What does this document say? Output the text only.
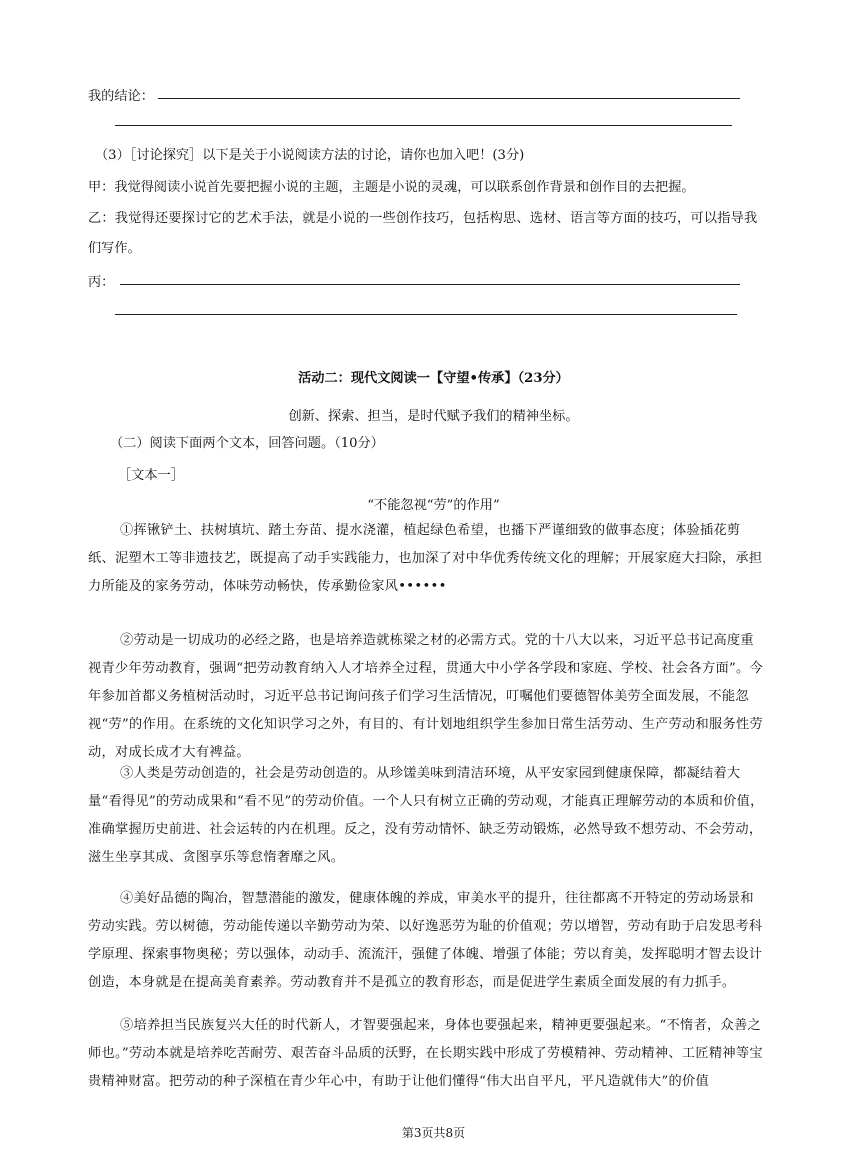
我的结论：
（3）［讨论探究］以下是关于小说阅读方法的讨论，请你也加入吧！(3分)
甲：我觉得阅读小说首先要把握小说的主题，主题是小说的灵魂，可以联系创作背景和创作目的去把握。
乙：我觉得还要探讨它的艺术手法，就是小说的一些创作技巧，包括构思、选材、语言等方面的技巧，可以指导我
们写作。
丙：
活动二：现代文阅读一【守望•传承】（23分）
创新、探索、担当，是时代赋予我们的精神坐标。
（二）阅读下面两个文本，回答问题。（10分）
［文本一］
“不能忽视“劳”的作用”
①挥锹铲土、扶树填坑、踏土夯苗、提水浇灌，植起绿色希望，也播下严谨细致的做事态度；体验插花剪纸、泥塑木工等非遗技艺，既提高了动手实践能力，也加深了对中华优秀传统文化的理解；开展家庭大扫除，承担力所能及的家务劳动，体味劳动畅快，传承勤俭家风••••••
②劳动是一切成功的必经之路，也是培养造就栋梁之材的必需方式。党的十八大以来，习近平总书记高度重视青少年劳动教育，强调“把劳动教育纳入人才培养全过程，贯通大中小学各学段和家庭、学校、社会各方面”。今年参加首都义务植树活动时，习近平总书记询问孩子们学习生活情况，叮嘱他们要德智体美劳全面发展，不能忽视“劳”的作用。在系统的文化知识学习之外，有目的、有计划地组织学生参加日常生活劳动、生产劳动和服务性劳动，对成长成才大有裨益。
③人类是劳动创造的，社会是劳动创造的。从珍馐美味到清洁环境，从平安家园到健康保障，都凝结着大量“看得见”的劳动成果和“看不见”的劳动价值。一个人只有树立正确的劳动观，才能真正理解劳动的本质和价值，准确掌握历史前进、社会运转的内在机理。反之，没有劳动情怀、缺乏劳动锻炼，必然导致不想劳动、不会劳动，滋生坐享其成、贪图享乐等怠惰奢靡之风。
④美好品德的陶冶，智慧潜能的激发，健康体魄的养成，审美水平的提升，往往都离不开特定的劳动场景和劳动实践。劳以树德，劳动能传递以辛勤劳动为荣、以好逸恶劳为耻的价值观；劳以增智，劳动有助于启发思考科学原理、探索事物奥秘；劳以强体，动动手、流流汗，强健了体魄、增强了体能；劳以育美，发挥聪明才智去设计创造，本身就是在提高美育素养。劳动教育并不是孤立的教育形态，而是促进学生素质全面发展的有力抓手。
⑤培养担当民族复兴大任的时代新人，才智要强起来，身体也要强起来，精神更要强起来。“不惰者，众善之师也。”劳动本就是培养吃苦耐劳、艰苦奋斗品质的沃野，在长期实践中形成了劳模精神、劳动精神、工匠精神等宝贵精神财富。把劳动的种子深植在青少年心中，有助于让他们懂得“伟大出自平凡，平凡造就伟大”的价值
第3页共8页
